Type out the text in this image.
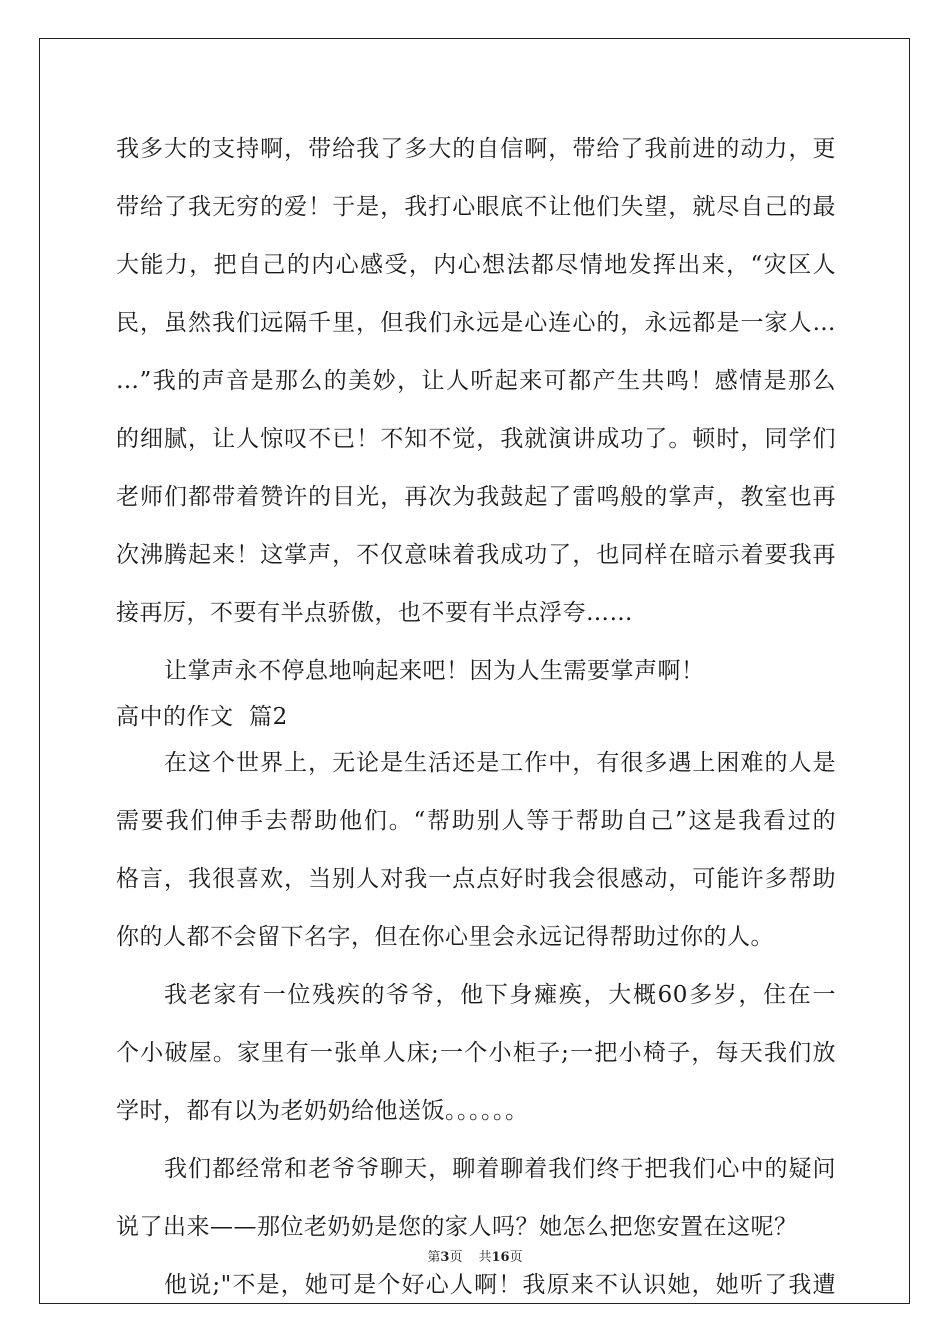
我多大的支持啊，带给我了多大的自信啊，带给了我前进的动力，更
带给了我无穷的爱！于是，我打心眼底不让他们失望，就尽自己的最
大能力，把自己的内心感受，内心想法都尽情地发挥出来，“灾区人
民，虽然我们远隔千里，但我们永远是心连心的，永远都是一家人…
…”我的声音是那么的美妙，让人听起来可都产生共鸣！感情是那么
的细腻，让人惊叹不已！不知不觉，我就演讲成功了。顿时，同学们
老师们都带着赞许的目光，再次为我鼓起了雷鸣般的掌声，教室也再
次沸腾起来！这掌声，不仅意味着我成功了，也同样在暗示着要我再
接再厉，不要有半点骄傲，也不要有半点浮夸……
让掌声永不停息地响起来吧！因为人生需要掌声啊！
高中的作文  篇2
在这个世界上，无论是生活还是工作中，有很多遇上困难的人是
需要我们伸手去帮助他们。“帮助别人等于帮助自己”这是我看过的
格言，我很喜欢，当别人对我一点点好时我会很感动，可能许多帮助
你的人都不会留下名字，但在你心里会永远记得帮助过你的人。
我老家有一位残疾的爷爷，他下身瘫痪，大概60多岁，住在一
个小破屋。家里有一张单人床;一个小柜子;一把小椅子，每天我们放
学时，都有以为老奶奶给他送饭。。。。。。
我们都经常和老爷爷聊天，聊着聊着我们终于把我们心中的疑问
说了出来——那位老奶奶是您的家人吗？她怎么把您安置在这呢？
他说;"不是，她可是个好心人啊！我原来不认识她，她听了我遭
第3页 共16页
